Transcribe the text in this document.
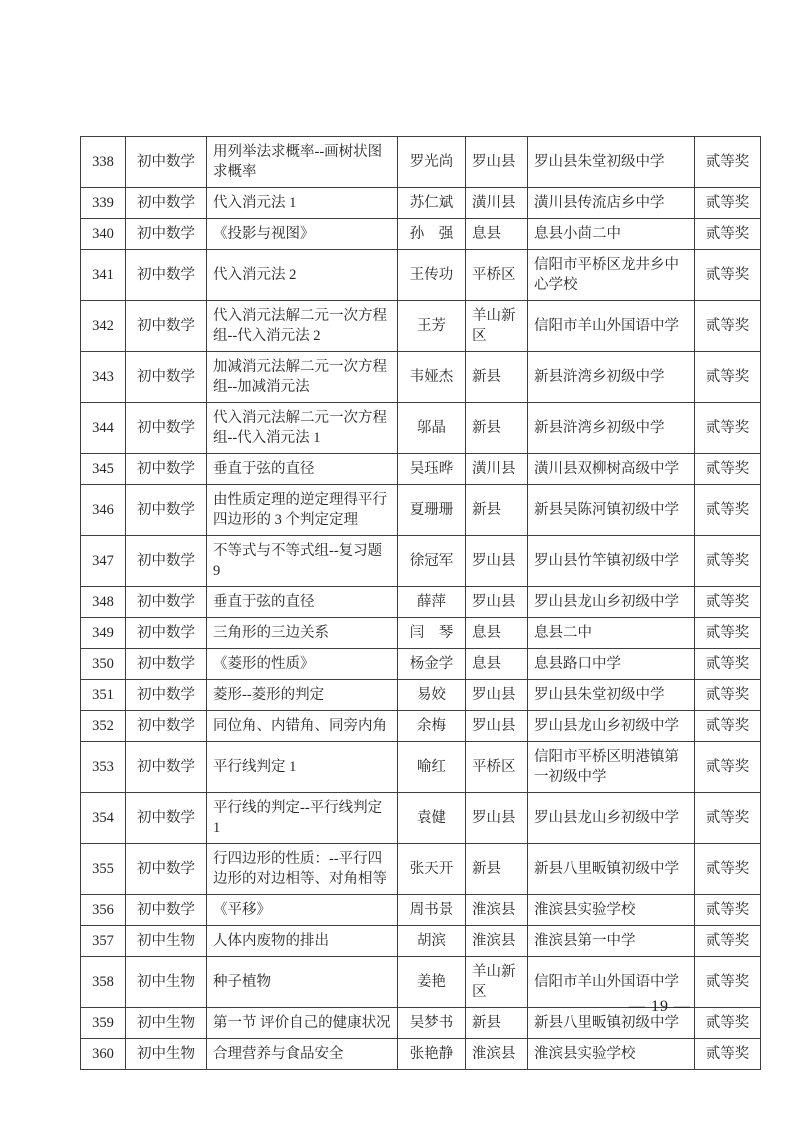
338	初中数学	用列举法求概率--画树状图求概率	罗光尚	罗山县	罗山县朱堂初级中学	贰等奖
339	初中数学	代入消元法 1	苏仁斌	潢川县	潢川县传流店乡中学	贰等奖
340	初中数学	《投影与视图》	孙　强	息县	息县小茴二中	贰等奖
341	初中数学	代入消元法 2	王传功	平桥区	信阳市平桥区龙井乡中心学校	贰等奖
342	初中数学	代入消元法解二元一次方程组--代入消元法 2	王芳	羊山新区	信阳市羊山外国语中学	贰等奖
343	初中数学	加减消元法解二元一次方程组--加减消元法	韦娅杰	新县	新县浒湾乡初级中学	贰等奖
344	初中数学	代入消元法解二元一次方程组--代入消元法 1	邬晶	新县	新县浒湾乡初级中学	贰等奖
345	初中数学	垂直于弦的直径	吴珏晔	潢川县	潢川县双柳树高级中学	贰等奖
346	初中数学	由性质定理的逆定理得平行四边形的 3 个判定定理	夏珊珊	新县	新县吴陈河镇初级中学	贰等奖
347	初中数学	不等式与不等式组--复习题 9	徐冠军	罗山县	罗山县竹竿镇初级中学	贰等奖
348	初中数学	垂直于弦的直径	薛萍	罗山县	罗山县龙山乡初级中学	贰等奖
349	初中数学	三角形的三边关系	闫　琴	息县	息县二中	贰等奖
350	初中数学	《菱形的性质》	杨金学	息县	息县路口中学	贰等奖
351	初中数学	菱形--菱形的判定	易姣	罗山县	罗山县朱堂初级中学	贰等奖
352	初中数学	同位角、内错角、同旁内角	余梅	罗山县	罗山县龙山乡初级中学	贰等奖
353	初中数学	平行线判定 1	喻红	平桥区	信阳市平桥区明港镇第一初级中学	贰等奖
354	初中数学	平行线的判定--平行线判定 1	袁健	罗山县	罗山县龙山乡初级中学	贰等奖
355	初中数学	行四边形的性质：--平行四边形的对边相等、对角相等	张天开	新县	新县八里畈镇初级中学	贰等奖
356	初中数学	《平移》	周书景	淮滨县	淮滨县实验学校	贰等奖
357	初中生物	人体内废物的排出	胡滨	淮滨县	淮滨县第一中学	贰等奖
358	初中生物	种子植物	姜艳	羊山新区	信阳市羊山外国语中学	贰等奖
359	初中生物	第一节 评价自己的健康状况	吴梦书	新县	新县八里畈镇初级中学	贰等奖
360	初中生物	合理营养与食品安全	张艳静	淮滨县	淮滨县实验学校	贰等奖
— 19 —
